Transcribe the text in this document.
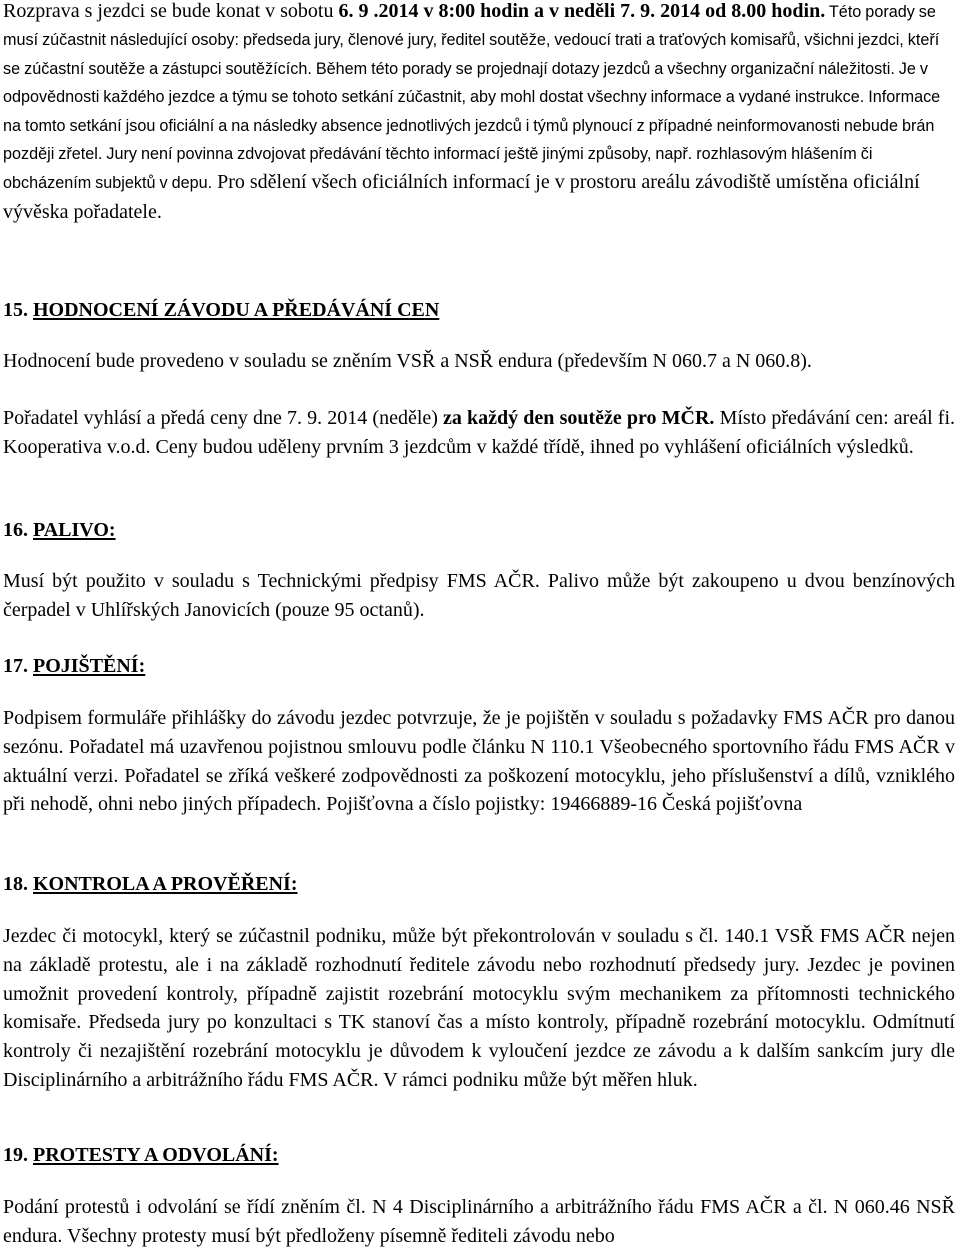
Rozprava s jezdci se bude konat v sobotu 6. 9 .2014 v 8:00 hodin a v neděli 7. 9. 2014 od 8.00 hodin. Této porady se musí zúčastnit následující osoby: předseda jury, členové jury, ředitel soutěže, vedoucí trati a traťových komisařů, všichni jezdci, kteří se zúčastní soutěže a zástupci soutěžících. Během této porady se projednají dotazy jezdců a všechny organizační náležitosti. Je v odpovědnosti každého jezdce a týmu se tohoto setkání zúčastnit, aby mohl dostat všechny informace a vydané instrukce. Informace na tomto setkání jsou oficiální a na následky absence jednotlivých jezdců i týmů plynoucí z případné neinformovanosti nebude brán později zřetel. Jury není povinna zdvojovat předávání těchto informací ještě jinými způsoby, např. rozhlasovým hlášením či obcházením subjektů v depu. Pro sdělení všech oficiálních informací je v prostoru areálu závodiště umístěna oficiální vývěska pořadatele.
15. HODNOCENÍ ZÁVODU A PŘEDÁVÁNÍ CEN
Hodnocení bude provedeno v souladu se zněním VSŘ a NSŘ endura (především N 060.7 a N 060.8).
Pořadatel vyhlásí a předá ceny dne 7. 9. 2014 (neděle) za každý den soutěže pro MČR. Místo předávání cen: areál fi. Kooperativa v.o.d. Ceny budou uděleny prvním 3 jezdcům v každé třídě, ihned po vyhlášení oficiálních výsledků.
16. PALIVO:
Musí být použito v souladu s Technickými předpisy FMS AČR. Palivo může být zakoupeno u dvou benzínových čerpadel v Uhlířských Janovicích (pouze 95 octanů).
17. POJIŠTĚNÍ:
Podpisem formuláře přihlášky do závodu jezdec potvrzuje, že je pojištěn v souladu s požadavky FMS AČR pro danou sezónu. Pořadatel má uzavřenou pojistnou smlouvu podle článku N 110.1 Všeobecného sportovního řádu FMS AČR v aktuální verzi. Pořadatel se zříká veškeré zodpovědnosti za poškození motocyklu, jeho příslušenství a dílů, vzniklého při nehodě, ohni nebo jiných případech. Pojišťovna a číslo pojistky: 19466889-16 Česká pojišťovna
18. KONTROLA A PROVĚŘENÍ:
Jezdec či motocykl, který se zúčastnil podniku, může být překontrolován v souladu s čl. 140.1 VSŘ FMS AČR nejen na základě protestu, ale i na základě rozhodnutí ředitele závodu nebo rozhodnutí předsedy jury. Jezdec je povinen umožnit provedení kontroly, případně zajistit rozebrání motocyklu svým mechanikem za přítomnosti technického komisaře. Předseda jury po konzultaci s TK stanoví čas a místo kontroly, případně rozebrání motocyklu. Odmítnutí kontroly či nezajištění rozebrání motocyklu je důvodem k vyloučení jezdce ze závodu a k dalším sankcím jury dle Disciplinárního a arbitrážního řádu FMS AČR. V rámci podniku může být měřen hluk.
19. PROTESTY A ODVOLÁNÍ:
Podání protestů i odvolání se řídí zněním čl. N 4 Disciplinárního a arbitrážního řádu FMS AČR a čl. N 060.46 NSŘ endura. Všechny protesty musí být předloženy písemně řediteli závodu nebo
